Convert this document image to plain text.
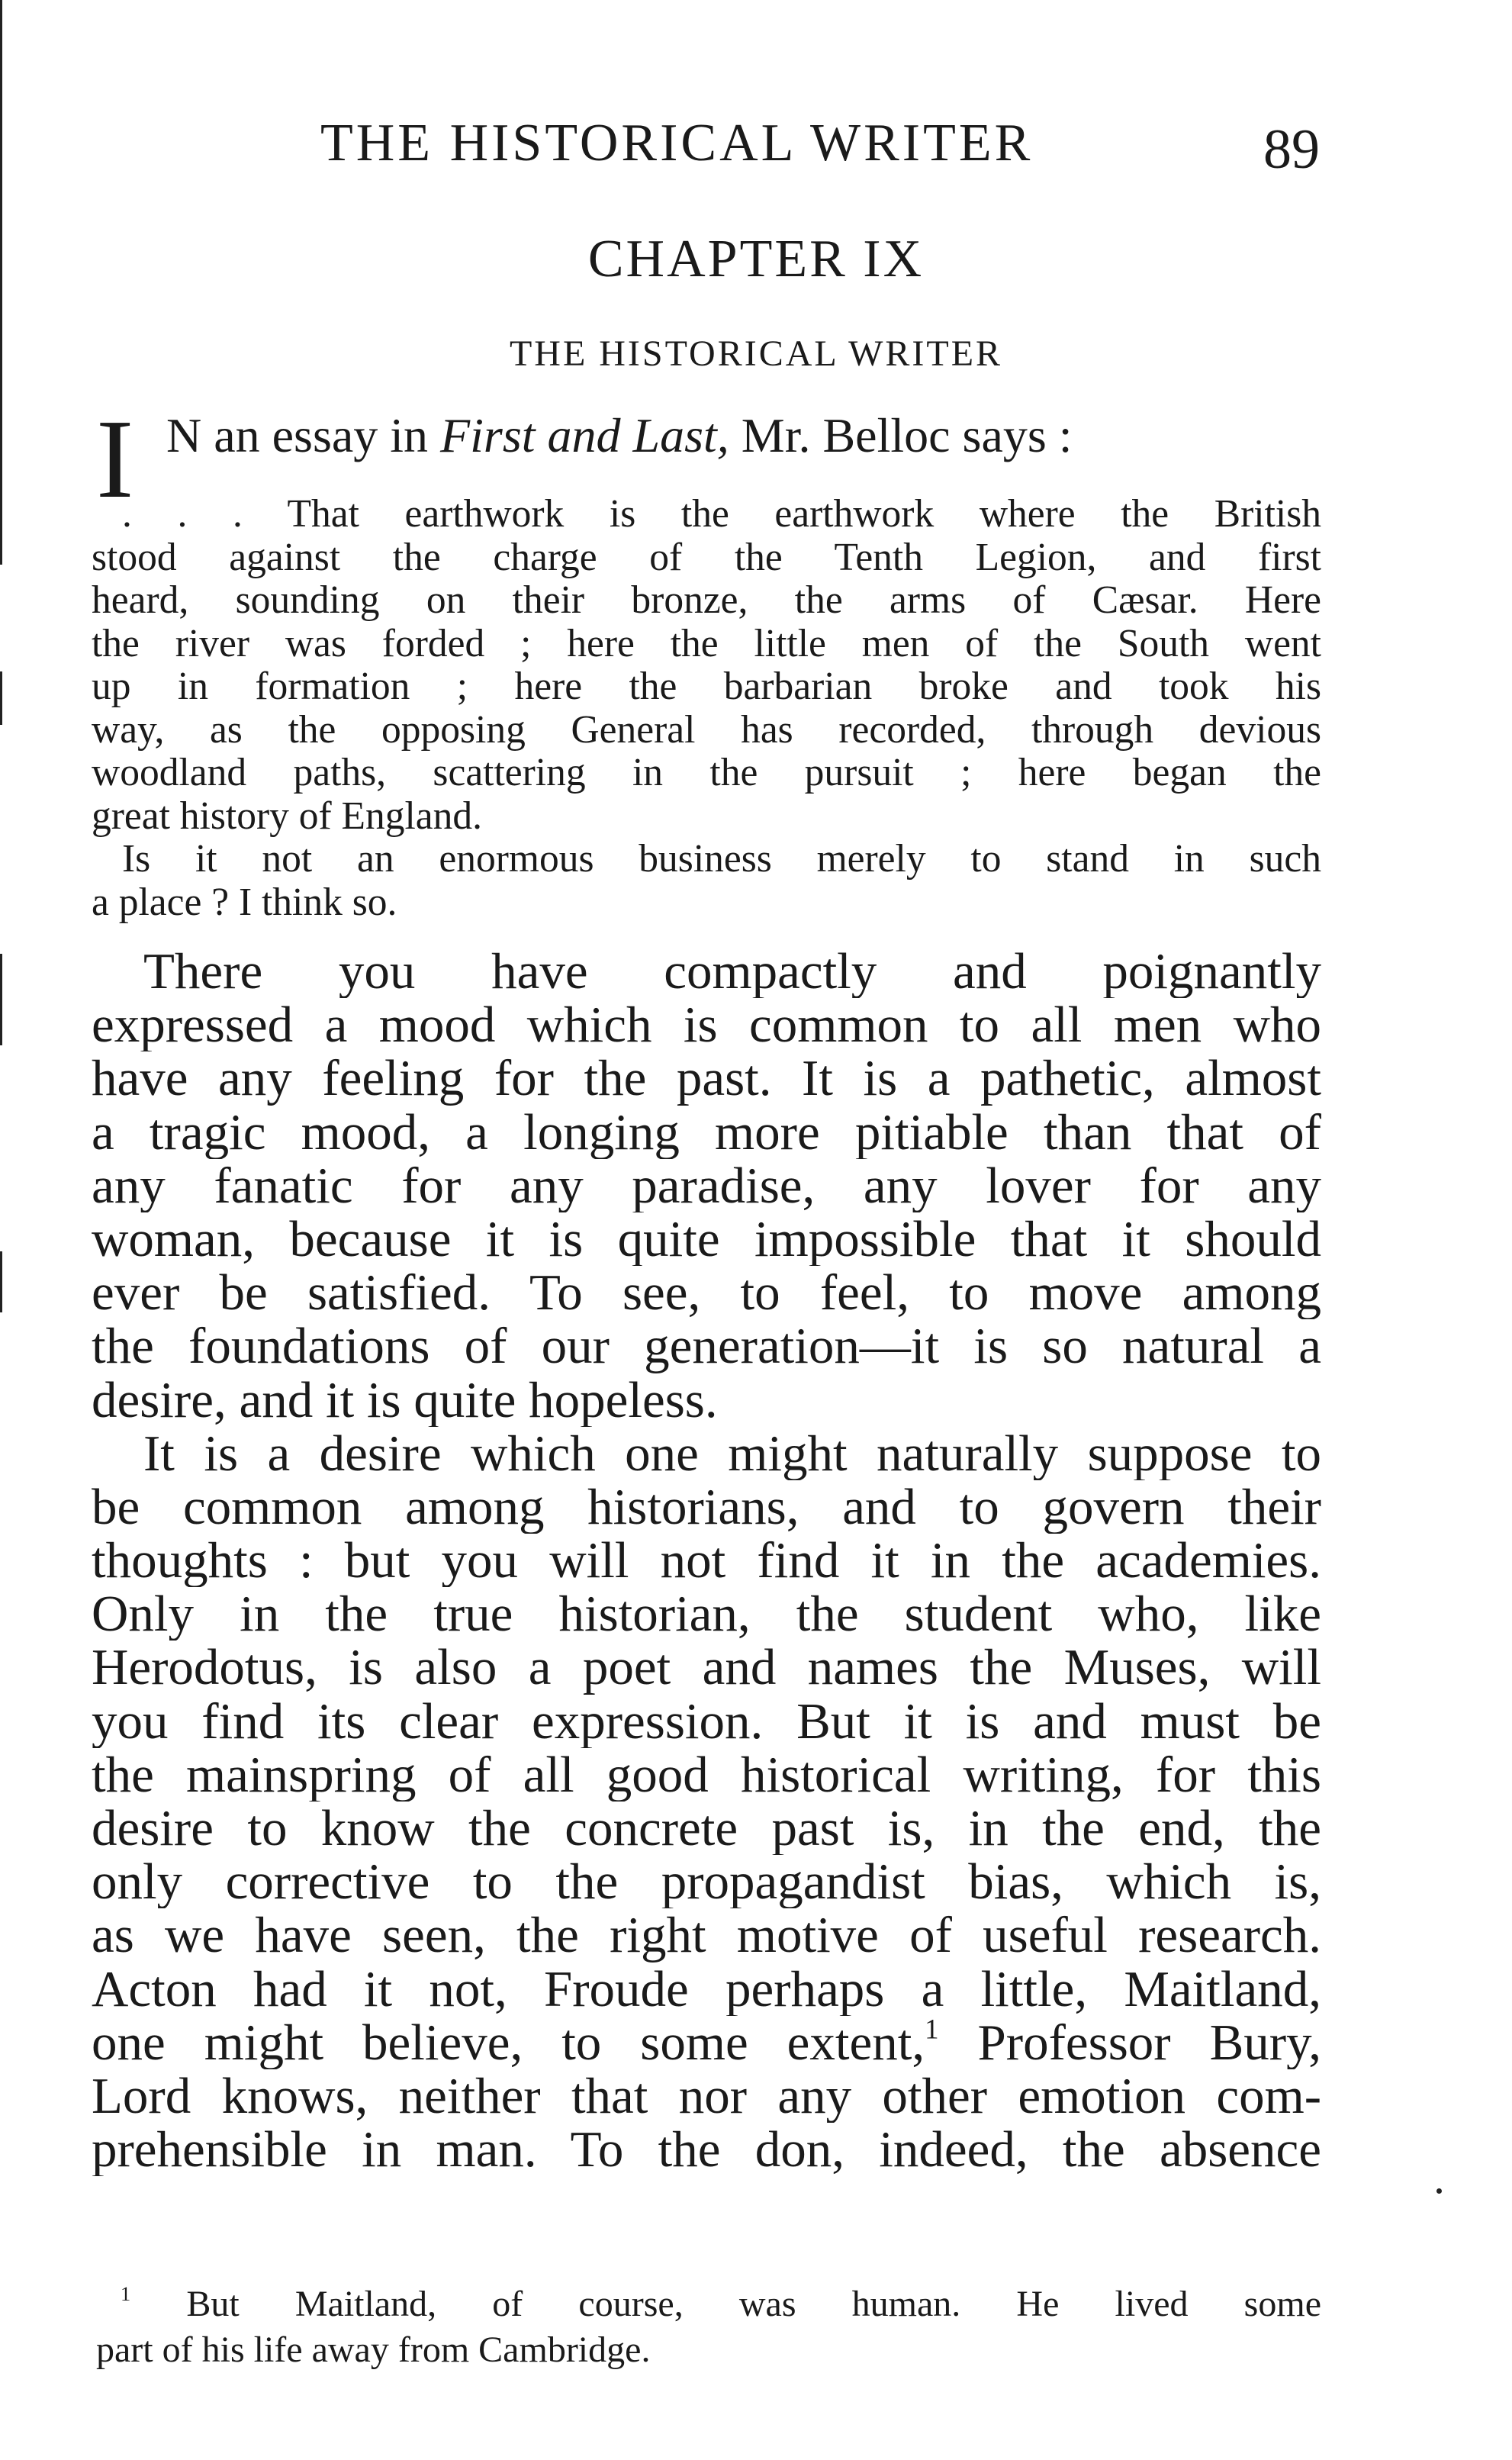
THE HISTORICAL WRITER	89
CHAPTER IX
THE HISTORICAL WRITER
I N an essay in First and Last, Mr. Belloc says :
. . . That earthwork is the earthwork where the British
stood against the charge of the Tenth Legion, and first
heard, sounding on their bronze, the arms of Cæsar. Here
the river was forded ; here the little men of the South went
up in formation ; here the barbarian broke and took his
way, as the opposing General has recorded, through devious
woodland paths, scattering in the pursuit ; here began the
great history of England.
Is it not an enormous business merely to stand in such
a place ? I think so.
There you have compactly and poignantly
expressed a mood which is common to all men who
have any feeling for the past. It is a pathetic, almost
a tragic mood, a longing more pitiable than that of
any fanatic for any paradise, any lover for any
woman, because it is quite impossible that it should
ever be satisfied. To see, to feel, to move among
the foundations of our generation—it is so natural a
desire, and it is quite hopeless.
It is a desire which one might naturally suppose to
be common among historians, and to govern their
thoughts : but you will not find it in the academies.
Only in the true historian, the student who, like
Herodotus, is also a poet and names the Muses, will
you find its clear expression. But it is and must be
the mainspring of all good historical writing, for this
desire to know the concrete past is, in the end, the
only corrective to the propagandist bias, which is,
as we have seen, the right motive of useful research.
Acton had it not, Froude perhaps a little, Maitland,
one might believe, to some extent,$^1$ Professor Bury,
Lord knows, neither that nor any other emotion com-
prehensible in man. To the don, indeed, the absence
$^1$ But Maitland, of course, was human. He lived some
part of his life away from Cambridge.
